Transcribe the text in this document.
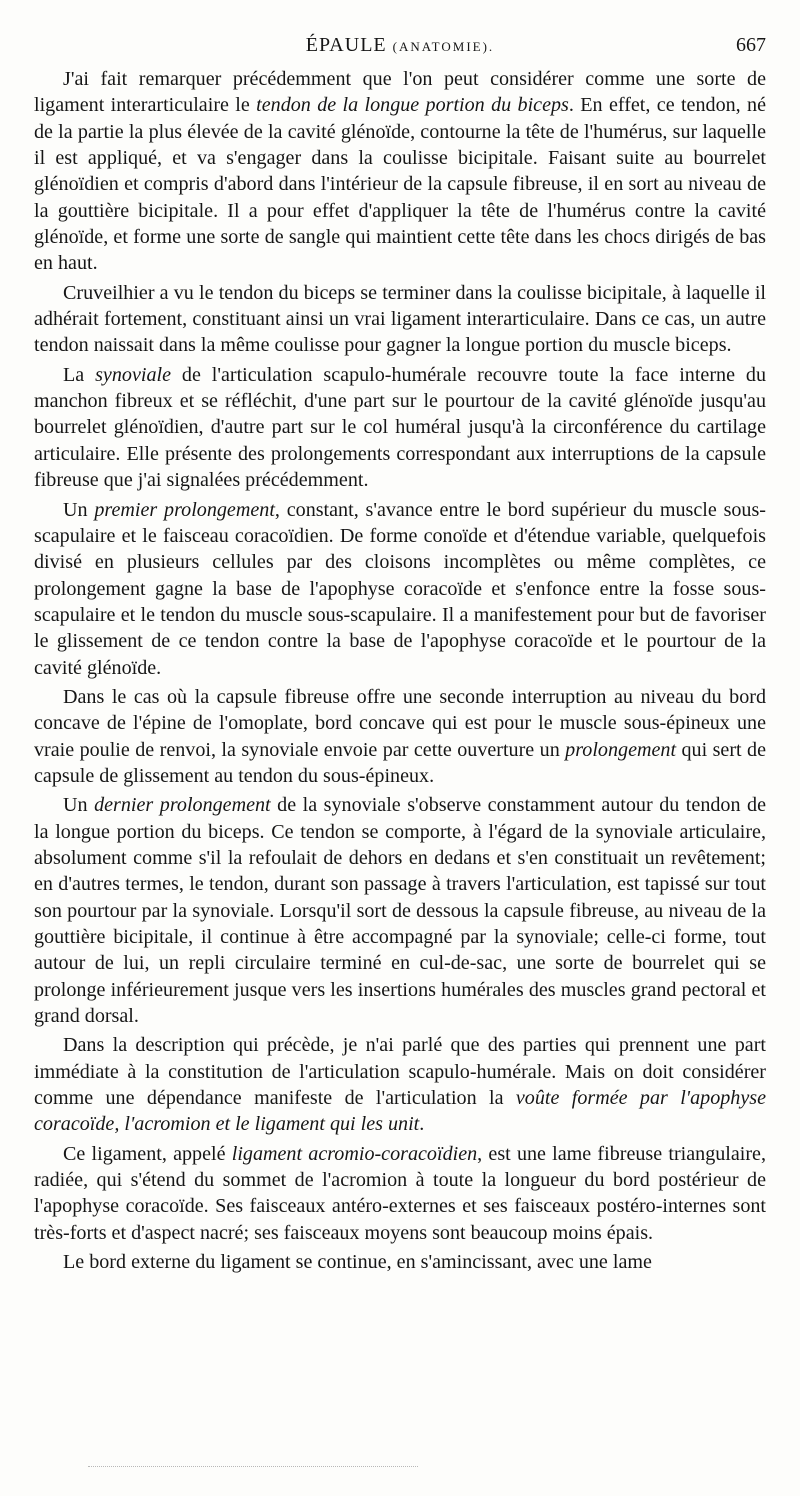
ÉPAULE (ANATOMIE).	667

J'ai fait remarquer précédemment que l'on peut considérer comme une sorte de ligament interarticulaire le tendon de la longue portion du biceps. En effet, ce tendon, né de la partie la plus élevée de la cavité glénoïde, contourne la tête de l'humérus, sur laquelle il est appliqué, et va s'engager dans la coulisse bicipitale. Faisant suite au bourrelet glénoïdien et compris d'abord dans l'intérieur de la capsule fibreuse, il en sort au niveau de la gouttière bicipitale. Il a pour effet d'appliquer la tête de l'humérus contre la cavité glénoïde, et forme une sorte de sangle qui maintient cette tête dans les chocs dirigés de bas en haut.

Cruveilhier a vu le tendon du biceps se terminer dans la coulisse bicipitale, à laquelle il adhérait fortement, constituant ainsi un vrai ligament interarticulaire. Dans ce cas, un autre tendon naissait dans la même coulisse pour gagner la longue portion du muscle biceps.

La synoviale de l'articulation scapulo-humérale recouvre toute la face interne du manchon fibreux et se réfléchit, d'une part sur le pourtour de la cavité glénoïde jusqu'au bourrelet glénoïdien, d'autre part sur le col huméral jusqu'à la circonférence du cartilage articulaire. Elle présente des prolongements correspondant aux interruptions de la capsule fibreuse que j'ai signalées précédemment.

Un premier prolongement, constant, s'avance entre le bord supérieur du muscle sous-scapulaire et le faisceau coracoïdien. De forme conoïde et d'étendue variable, quelquefois divisé en plusieurs cellules par des cloisons incomplètes ou même complètes, ce prolongement gagne la base de l'apophyse coracoïde et s'enfonce entre la fosse sous-scapulaire et le tendon du muscle sous-scapulaire. Il a manifestement pour but de favoriser le glissement de ce tendon contre la base de l'apophyse coracoïde et le pourtour de la cavité glénoïde.

Dans le cas où la capsule fibreuse offre une seconde interruption au niveau du bord concave de l'épine de l'omoplate, bord concave qui est pour le muscle sous-épineux une vraie poulie de renvoi, la synoviale envoie par cette ouverture un prolongement qui sert de capsule de glissement au tendon du sous-épineux.

Un dernier prolongement de la synoviale s'observe constamment autour du tendon de la longue portion du biceps. Ce tendon se comporte, à l'égard de la synoviale articulaire, absolument comme s'il la refoulait de dehors en dedans et s'en constituait un revêtement; en d'autres termes, le tendon, durant son passage à travers l'articulation, est tapissé sur tout son pourtour par la synoviale. Lorsqu'il sort de dessous la capsule fibreuse, au niveau de la gouttière bicipitale, il continue à être accompagné par la synoviale; celle-ci forme, tout autour de lui, un repli circulaire terminé en cul-de-sac, une sorte de bourrelet qui se prolonge inférieurement jusque vers les insertions humérales des muscles grand pectoral et grand dorsal.

Dans la description qui précède, je n'ai parlé que des parties qui prennent une part immédiate à la constitution de l'articulation scapulo-humérale. Mais on doit considérer comme une dépendance manifeste de l'articulation la voûte formée par l'apophyse coracoïde, l'acromion et le ligament qui les unit.

Ce ligament, appelé ligament acromio-coracoïdien, est une lame fibreuse triangulaire, radiée, qui s'étend du sommet de l'acromion à toute la longueur du bord postérieur de l'apophyse coracoïde. Ses faisceaux antéro-externes et ses faisceaux postéro-internes sont très-forts et d'aspect nacré; ses faisceaux moyens sont beaucoup moins épais.

Le bord externe du ligament se continue, en s'amincissant, avec une lame
